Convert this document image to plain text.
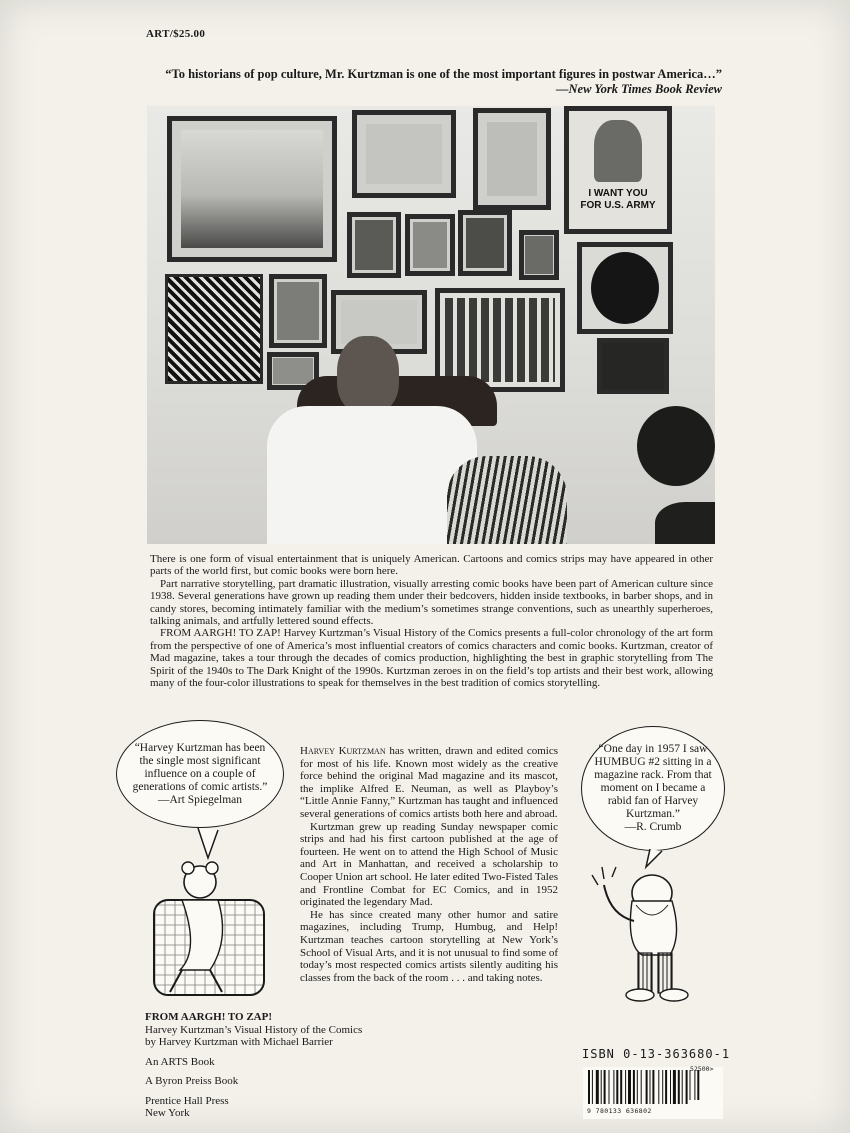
ART/$25.00
“To historians of pop culture, Mr. Kurtzman is one of the most important figures in postwar America…”
—New York Times Book Review
I WANT YOU
FOR U.S. ARMY

There is one form of visual entertainment that is uniquely American. Cartoons and comics strips may have appeared in other parts of the world first, but comic books were born here.

Part narrative storytelling, part dramatic illustration, visually arresting comic books have been part of American culture since 1938. Several generations have grown up reading them under their bedcovers, hidden inside textbooks, in barber shops, and in candy stores, becoming intimately familiar with the medium’s sometimes strange conventions, such as unearthly superheroes, talking animals, and artfully lettered sound effects.

FROM AARGH! TO ZAP! Harvey Kurtzman’s Visual History of the Comics presents a full-color chronology of the art form from the perspective of one of America’s most influential creators of comics characters and comic books. Kurtzman, creator of Mad magazine, takes a tour through the decades of comics production, highlighting the best in graphic storytelling from The Spirit of the 1940s to The Dark Knight of the 1990s. Kurtzman zeroes in on the field’s top artists and their best work, allowing many of the four-color illustrations to speak for themselves in the best tradition of comics storytelling.

“Harvey Kurtzman has been the single most significant influence on a couple of generations of comic artists.”
—Art Spiegelman

Harvey Kurtzman has written, drawn and edited comics for most of his life. Known most widely as the creative force behind the original Mad magazine and its mascot, the implike Alfred E. Neuman, as well as Playboy’s “Little Annie Fanny,” Kurtzman has taught and influenced several generations of comics artists both here and abroad.

Kurtzman grew up reading Sunday newspaper comic strips and had his first cartoon published at the age of fourteen. He went on to attend the High School of Music and Art in Manhattan, and received a scholarship to Cooper Union art school. He later edited Two-Fisted Tales and Frontline Combat for EC Comics, and in 1952 originated the legendary Mad.

He has since created many other humor and satire magazines, including Trump, Humbug, and Help! Kurtzman teaches cartoon storytelling at New York’s School of Visual Arts, and it is not unusual to find some of today’s most respected comics artists silently auditing his classes from the back of the room . . . and taking notes.

“One day in 1957 I saw HUMBUG #2 sitting in a magazine rack. From that moment on I became a rabid fan of Harvey Kurtzman.”
—R. Crumb
FROM AARGH! TO ZAP!
Harvey Kurtzman’s Visual History of the Comics
by Harvey Kurtzman with Michael Barrier
An ARTS Book
A Byron Preiss Book
Prentice Hall Press
New York
ISBN 0-13-363680-1
9 780133 636802
52500>
